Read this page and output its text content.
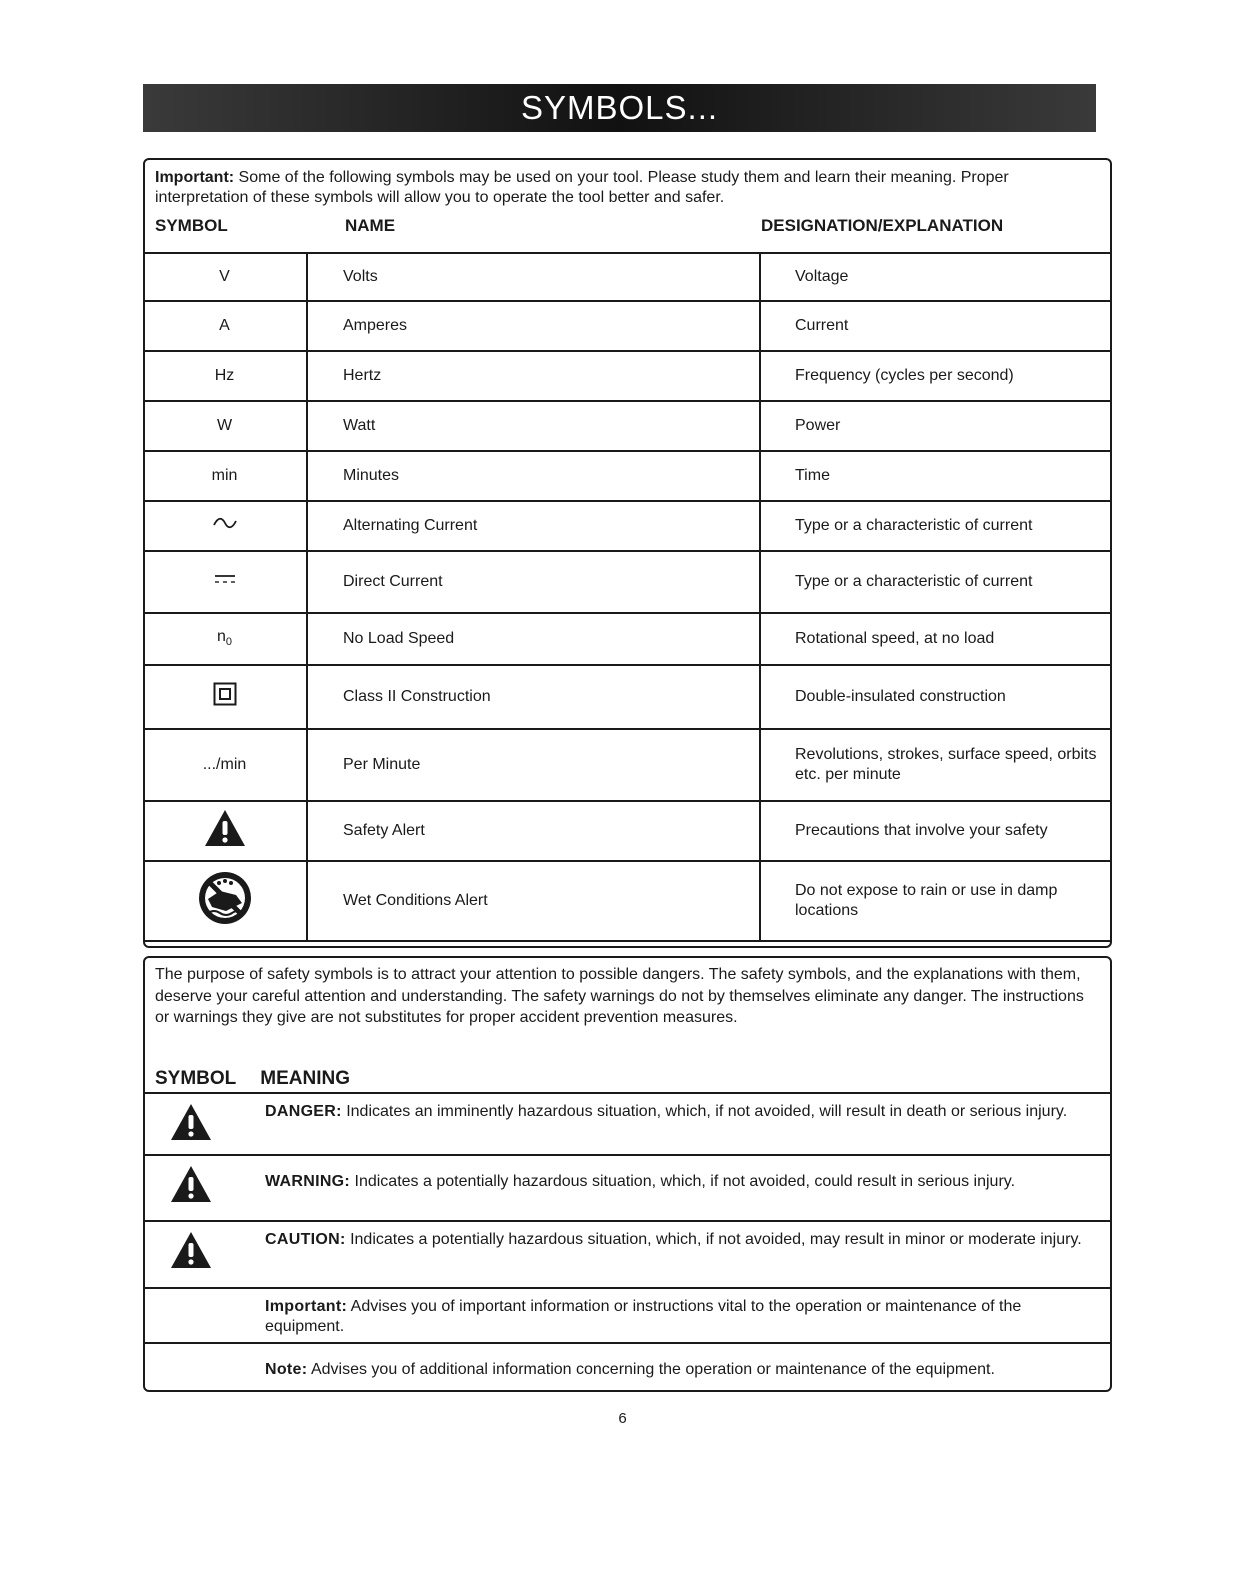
SYMBOLS...

Important: Some of the following symbols may be used on your tool. Please study them and learn their meaning. Proper interpretation of these symbols will allow you to operate the tool better and safer.

SYMBOL	NAME	DESIGNATION/EXPLANATION
V	Volts	Voltage
A	Amperes	Current
Hz	Hertz	Frequency (cycles per second)
W	Watt	Power
min	Minutes	Time
	Alternating Current	Type or a characteristic of current
	Direct Current	Type or a characteristic of current
$n_0$	No Load Speed	Rotational speed, at no load
	Class II Construction	Double-insulated construction
.../min	Per Minute	Revolutions, strokes, surface speed, orbits etc. per minute
	Safety Alert	Precautions that involve your safety
	Wet Conditions Alert	Do not expose to rain or use in damp locations

The purpose of safety symbols is to attract your attention to possible dangers. The safety symbols, and the explanations with them, deserve your careful attention and understanding. The safety warnings do not by themselves eliminate any danger. The instructions or warnings they give are not substitutes for proper accident prevention measures.

SYMBOL MEANING

DANGER: Indicates an imminently hazardous situation, which, if not avoided, will result in death or serious injury.

WARNING: Indicates a potentially hazardous situation, which, if not avoided, could result in serious injury.

CAUTION: Indicates a potentially hazardous situation, which, if not avoided, may result in minor or moderate injury.

Important: Advises you of important information or instructions vital to the operation or maintenance of the equipment.

Note: Advises you of additional information concerning the operation or maintenance of the equipment.

6
